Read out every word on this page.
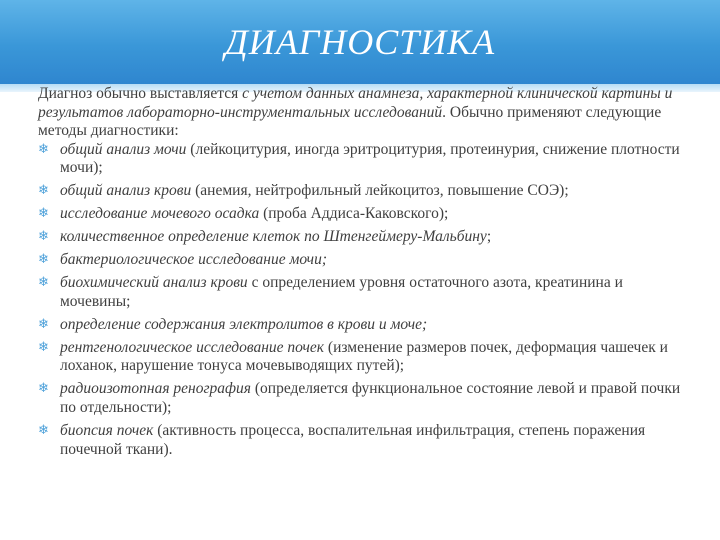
ДИАГНОСТИКА

Диагноз обычно выставляется с учетом данных анамнеза, характерной клинической картины и результатов лабораторно-инструментальных исследований. Обычно применяют следующие методы диагностики:

❄ общий анализ мочи (лейкоцитурия, иногда эритроцитурия, протеинурия, снижение плотности мочи);
❄ общий анализ крови (анемия, нейтрофильный лейкоцитоз, повышение СОЭ);
❄ исследование мочевого осадка (проба Аддиса-Каковского);
❄ количественное определение клеток по Штенгеймеру-Мальбину;
❄ бактериологическое исследование мочи;
❄ биохимический анализ крови с определением уровня остаточного азота, креатинина и мочевины;
❄ определение содержания электролитов в крови и моче;
❄ рентгенологическое исследование почек (изменение размеров почек, деформация чашечек и лоханок, нарушение тонуса мочевыводящих путей);
❄ радиоизотопная ренография (определяется функциональное состояние левой и правой почки по отдельности);
❄ биопсия почек (активность процесса, воспалительная инфильтрация, степень поражения почечной ткани).
